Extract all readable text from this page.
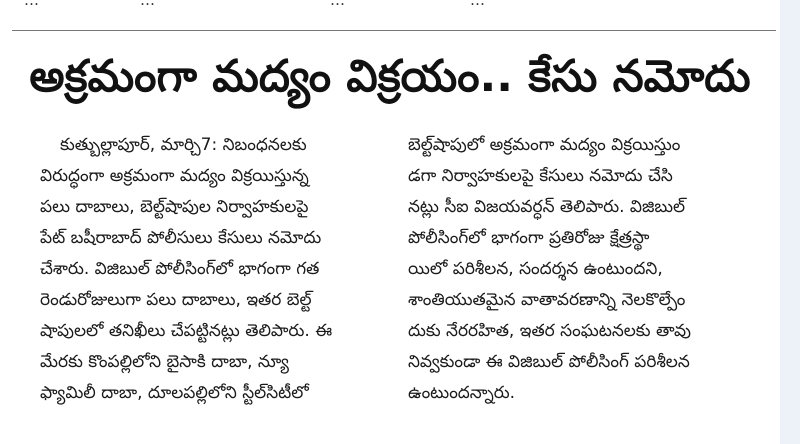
…	…	…	…
అక్రమంగా మద్యం విక్రయం.. కేసు నమోదు
కుత్బుల్లాపూర్, మార్చి7: నిబంధనలకు
విరుద్ధంగా అక్రమంగా మద్యం విక్రయిస్తున్న
పలు దాబాలు, బెల్ట్‌షాపుల నిర్వాహకులపై
పేట్ బషీరాబాద్ పోలీసులు కేసులు నమోదు
చేశారు. విజిబుల్ పోలీసింగ్‌లో భాగంగా గత
రెండురోజులుగా పలు దాబాలు, ఇతర బెల్ట్
షాపులలో తనిఖీలు చేపట్టినట్లు తెలిపారు. ఈ
మేరకు కొంపల్లిలోని బైసాకి దాబా, న్యూ
ఫ్యామిలీ దాబా, దూలపల్లిలోని స్టీల్‌సిటీలో
బెల్ట్‌షాపులో అక్రమంగా మద్యం విక్రయిస్తుం
డగా నిర్వాహకులపై కేసులు నమోదు చేసి
నట్లు సీఐ విజయవర్ధన్ తెలిపారు. విజిబుల్
పోలీసింగ్‌లో భాగంగా ప్రతిరోజు క్షేత్రస్థా
యిలో పరిశీలన, సందర్శన ఉంటుందని,
శాంతియుతమైన వాతావరణాన్ని నెలకొల్పేం
దుకు నేరరహిత, ఇతర సంఘటనలకు తావు
నివ్వకుండా ఈ విజిబుల్ పోలీసింగ్ పరిశీలన
ఉంటుందన్నారు.
